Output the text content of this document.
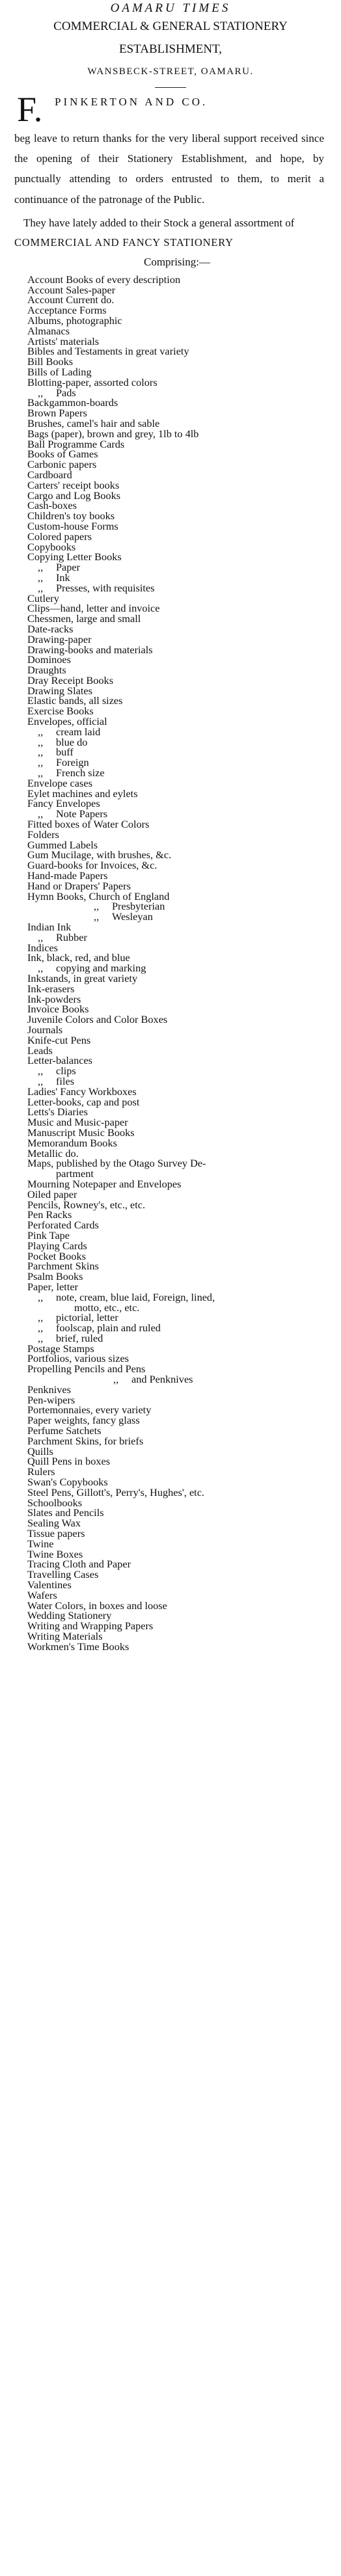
OAMARU TIMES
COMMERCIAL & GENERAL STATIONERY
ESTABLISHMENT,
WANSBECK-STREET, OAMARU.
F. PINKERTON AND CO.
beg leave to return thanks for the very liberal support received since the opening of their Stationery Establishment, and hope, by punctually attending to orders entrusted to them, to merit a continuance of the patronage of the Public.
They have lately added to their Stock a general assortment of
COMMERCIAL AND FANCY STATIONERY
Comprising:—
Account Books of every description
Account Sales-paper
Account Current do.
Acceptance Forms
Albums, photographic
Almanacs
Artists' materials
Bibles and Testaments in great variety
Bill Books
Bills of Lading
Blotting-paper, assorted colors
,, Pads
Backgammon-boards
Brown Papers
Brushes, camel's hair and sable
Bags (paper), brown and grey, 1lb to 4lb
Ball Programme Cards
Books of Games
Carbonic papers
Cardboard
Carters' receipt books
Cargo and Log Books
Cash-boxes
Children's toy books
Custom-house Forms
Colored papers
Copybooks
Copying Letter Books
,, Paper
,, Ink
,, Presses, with requisites
Cutlery
Clips—hand, letter and invoice
Chessmen, large and small
Date-racks
Drawing-paper
Drawing-books and materials
Dominoes
Draughts
Dray Receipt Books
Drawing Slates
Elastic bands, all sizes
Exercise Books
Envelopes, official
,, cream laid
,, blue do
,, buff
,, Foreign
,, French size
Envelope cases
Eylet machines and eylets
Fancy Envelopes
,, Note Papers
Fitted boxes of Water Colors
Folders
Gummed Labels
Gum Mucilage, with brushes, &c.
Guard-books for Invoices, &c.
Hand-made Papers
Hand or Drapers' Papers
Hymn Books, Church of England
,, Presbyterian
,, Wesleyan
Indian Ink
,, Rubber
Indices
Ink, black, red, and blue
,, copying and marking
Inkstands, in great variety
Ink-erasers
Ink-powders
Invoice Books
Juvenile Colors and Color Boxes
Journals
Knife-cut Pens
Leads
Letter-balances
,, clips
,, files
Ladies' Fancy Workboxes
Letter-books, cap and post
Letts's Diaries
Music and Music-paper
Manuscript Music Books
Memorandum Books
Metallic do.
Maps, published by the Otago Survey De-
partment
Mourning Notepaper and Envelopes
Oiled paper
Pencils, Rowney's, etc., etc.
Pen Racks
Perforated Cards
Pink Tape
Playing Cards
Pocket Books
Parchment Skins
Psalm Books
Paper, letter
,, note, cream, blue laid, Foreign, lined,
motto, etc., etc.
,, pictorial, letter
,, foolscap, plain and ruled
,, brief, ruled
Postage Stamps
Portfolios, various sizes
Propelling Pencils and Pens
,, and Penknives
Penknives
Pen-wipers
Portemonnaies, every variety
Paper weights, fancy glass
Perfume Satchets
Parchment Skins, for briefs
Quills
Quill Pens in boxes
Rulers
Swan's Copybooks
Steel Pens, Gillott's, Perry's, Hughes', etc.
Schoolbooks
Slates and Pencils
Sealing Wax
Tissue papers
Twine
Twine Boxes
Tracing Cloth and Paper
Travelling Cases
Valentines
Wafers
Water Colors, in boxes and loose
Wedding Stationery
Writing and Wrapping Papers
Writing Materials
Workmen's Time Books
